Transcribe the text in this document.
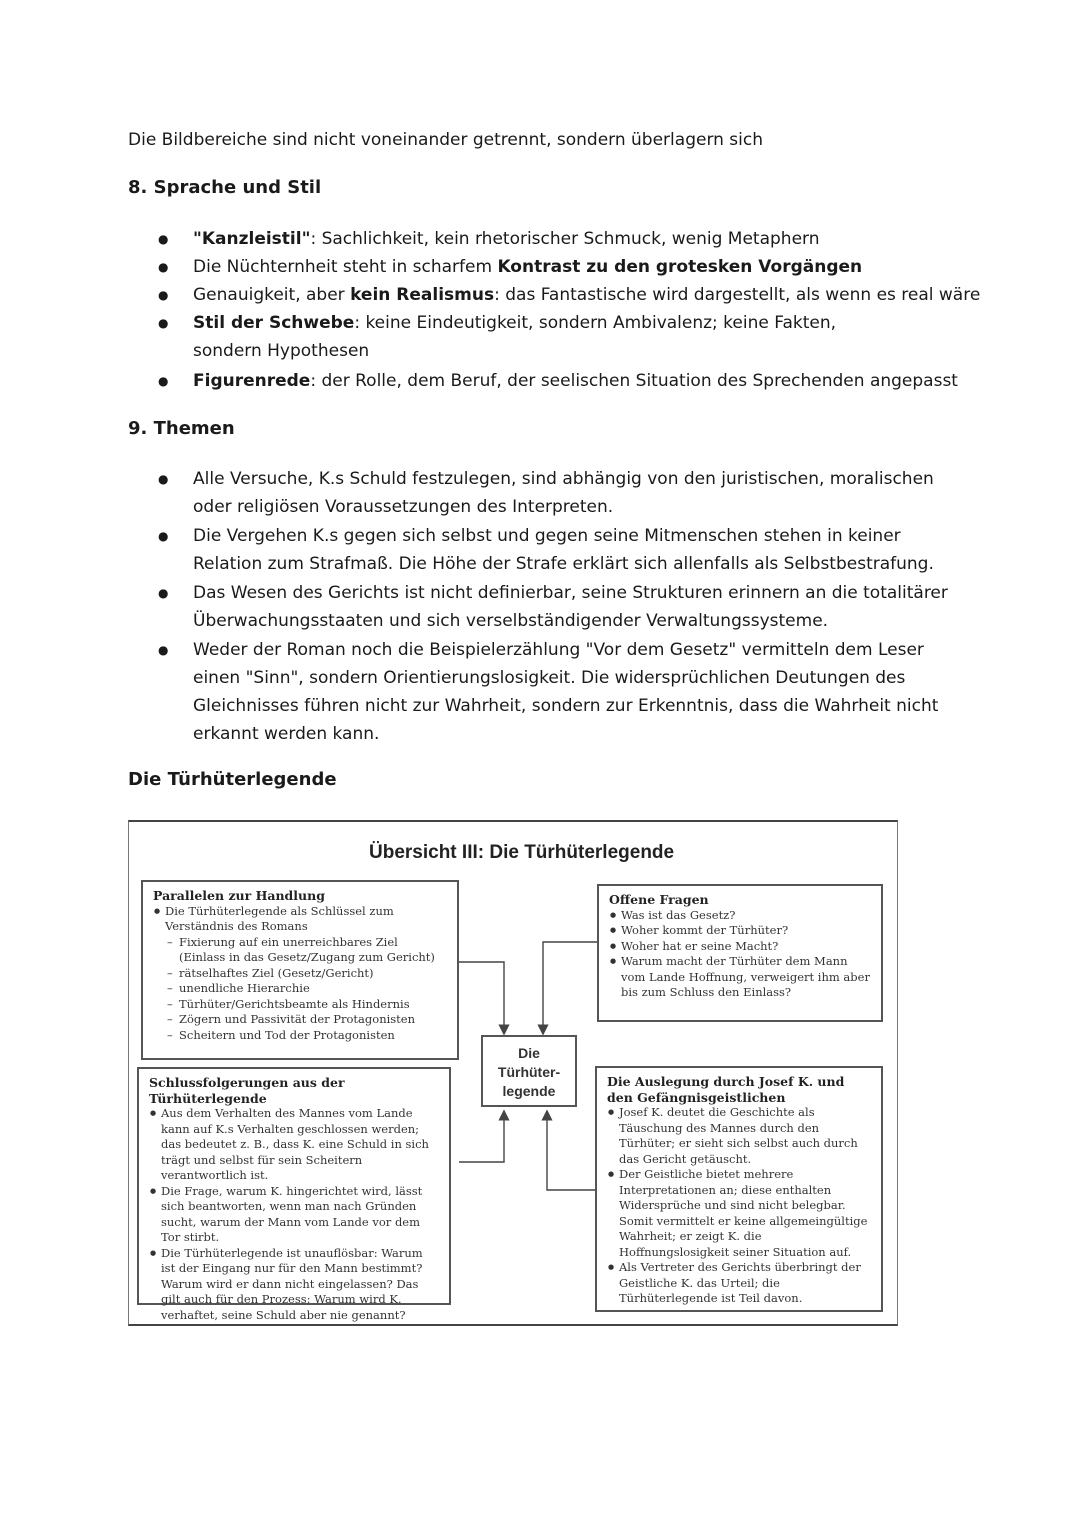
Die Bildbereiche sind nicht voneinander getrennt, sondern überlagern sich
8. Sprache und Stil
● "Kanzleistil": Sachlichkeit, kein rhetorischer Schmuck, wenig Metaphern
● Die Nüchternheit steht in scharfem Kontrast zu den grotesken Vorgängen
● Genauigkeit, aber kein Realismus: das Fantastische wird dargestellt, als wenn es real wäre
● Stil der Schwebe: keine Eindeutigkeit, sondern Ambivalenz; keine Fakten, sondern Hypothesen
● Figurenrede: der Rolle, dem Beruf, der seelischen Situation des Sprechenden angepasst
9. Themen
● Alle Versuche, K.s Schuld festzulegen, sind abhängig von den juristischen, moralischen oder religiösen Voraussetzungen des Interpreten.
● Die Vergehen K.s gegen sich selbst und gegen seine Mitmenschen stehen in keiner Relation zum Strafmaß. Die Höhe der Strafe erklärt sich allenfalls als Selbstbestrafung.
● Das Wesen des Gerichts ist nicht definierbar, seine Strukturen erinnern an die totalitärer Überwachungsstaaten und sich verselbständigender Verwaltungssysteme.
● Weder der Roman noch die Beispielerzählung "Vor dem Gesetz" vermitteln dem Leser einen "Sinn", sondern Orientierungslosigkeit. Die widersprüchlichen Deutungen des Gleichnisses führen nicht zur Wahrheit, sondern zur Erkenntnis, dass die Wahrheit nicht erkannt werden kann.
Die Türhüterlegende
Übersicht III: Die Türhüterlegende
Parallelen zur Handlung
● Die Türhüterlegende als Schlüssel zum Verständnis des Romans
– Fixierung auf ein unerreichbares Ziel (Einlass in das Gesetz/Zugang zum Gericht)
– rätselhaftes Ziel (Gesetz/Gericht)
– unendliche Hierarchie
– Türhüter/Gerichtsbeamte als Hindernis
– Zögern und Passivität der Protagonisten
– Scheitern und Tod der Protagonisten
Offene Fragen
● Was ist das Gesetz?
● Woher kommt der Türhüter?
● Woher hat er seine Macht?
● Warum macht der Türhüter dem Mann vom Lande Hoffnung, verweigert ihm aber bis zum Schluss den Einlass?
Die
Türhüter-
legende
Schlussfolgerungen aus der Türhüterlegende
● Aus dem Verhalten des Mannes vom Lande kann auf K.s Verhalten geschlossen werden; das bedeutet z. B., dass K. eine Schuld in sich trägt und selbst für sein Scheitern verantwortlich ist.
● Die Frage, warum K. hingerichtet wird, lässt sich beantworten, wenn man nach Gründen sucht, warum der Mann vom Lande vor dem Tor stirbt.
● Die Türhüterlegende ist unauflösbar: Warum ist der Eingang nur für den Mann bestimmt? Warum wird er dann nicht eingelassen? Das gilt auch für den Prozess: Warum wird K. verhaftet, seine Schuld aber nie genannt?
Die Auslegung durch Josef K. und den Gefängnisgeistlichen
● Josef K. deutet die Geschichte als Täuschung des Mannes durch den Türhüter; er sieht sich selbst auch durch das Gericht getäuscht.
● Der Geistliche bietet mehrere Interpretationen an; diese enthalten Widersprüche und sind nicht belegbar. Somit vermittelt er keine allgemeingültige Wahrheit; er zeigt K. die Hoffnungslosigkeit seiner Situation auf.
● Als Vertreter des Gerichts überbringt der Geistliche K. das Urteil; die Türhüterlegende ist Teil davon.
